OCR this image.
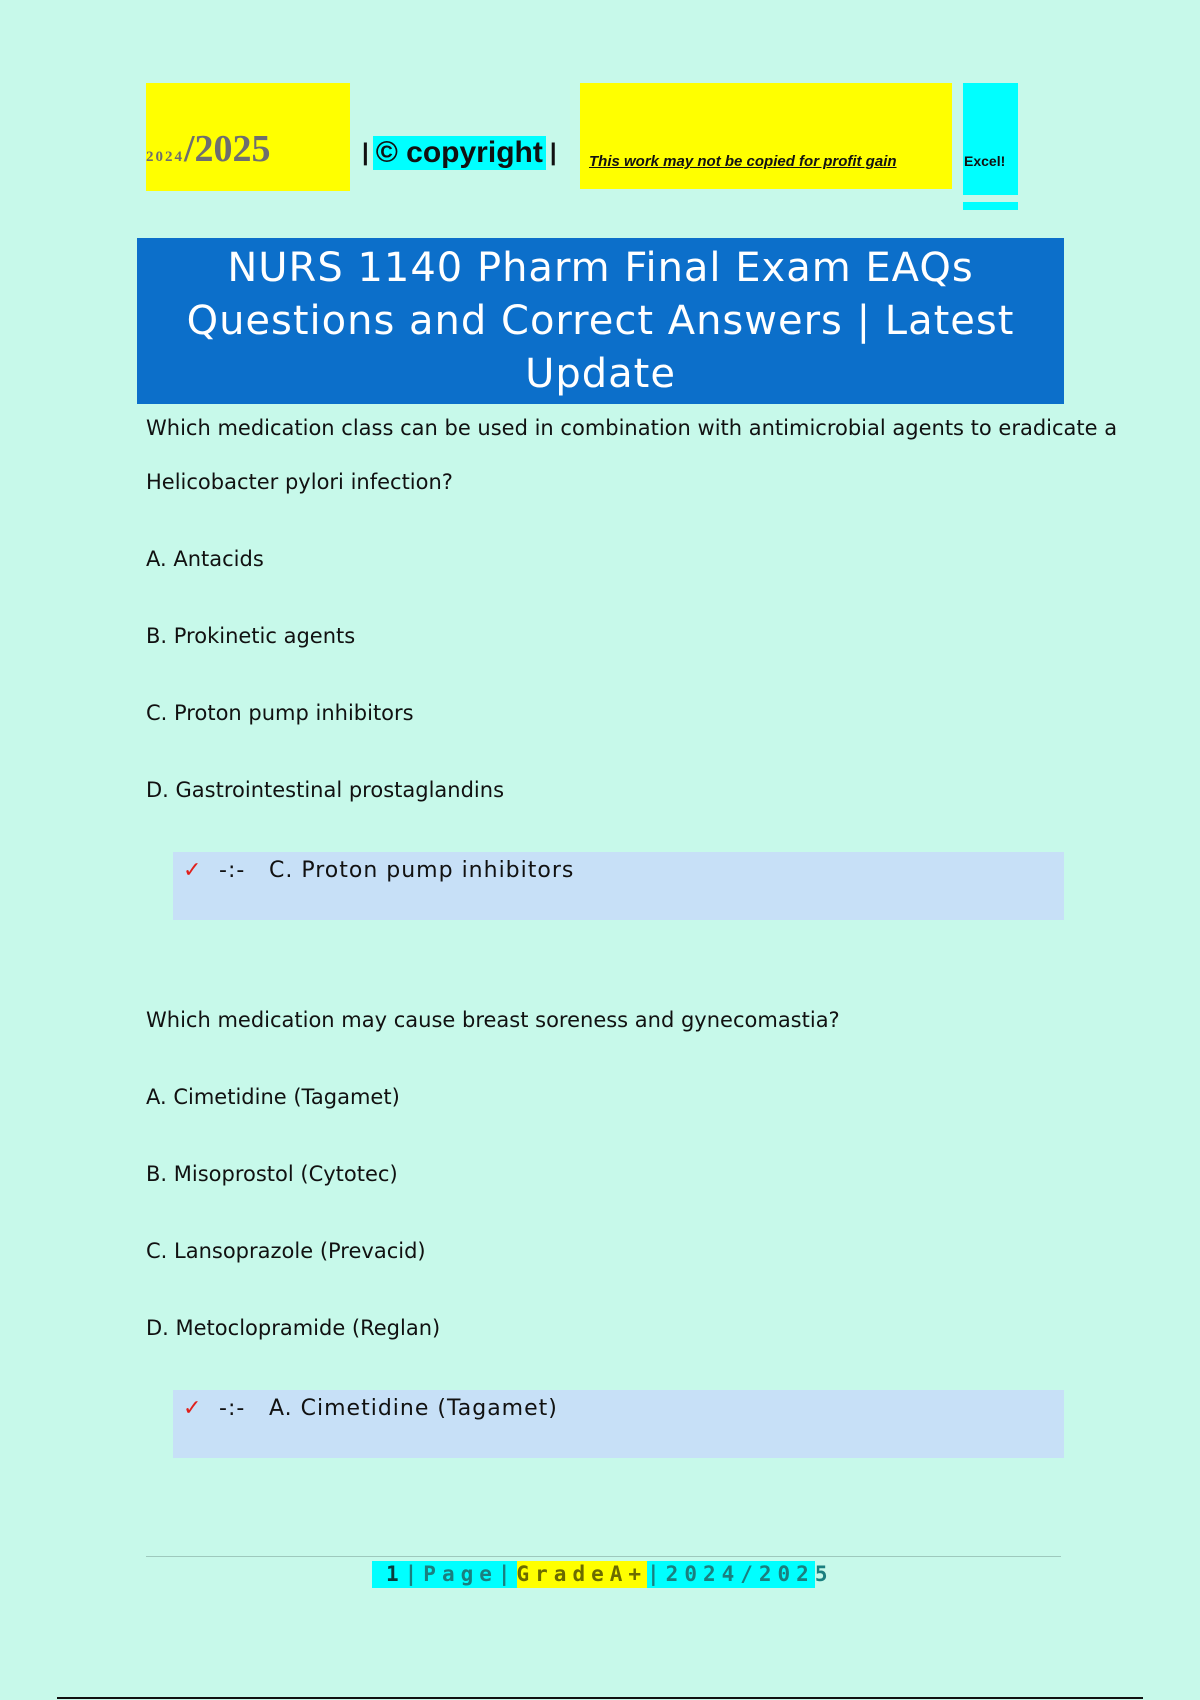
2024/2025	| © copyright | This work may not be copied for profit gain	Excel!
NURS 1140 Pharm Final Exam EAQs Questions and Correct Answers | Latest Update
Which medication class can be used in combination with antimicrobial agents to eradicate a
Helicobacter pylori infection?
A. Antacids
B. Prokinetic agents
C. Proton pump inhibitors
D. Gastrointestinal prostaglandins
✓ -:-	C. Proton pump inhibitors
Which medication may cause breast soreness and gynecomastia?
A. Cimetidine (Tagamet)
B. Misoprostol (Cytotec)
C. Lansoprazole (Prevacid)
D. Metoclopramide (Reglan)
✓ -:-	A. Cimetidine (Tagamet)
1 |Page| GradeA+ |2024/202 5
